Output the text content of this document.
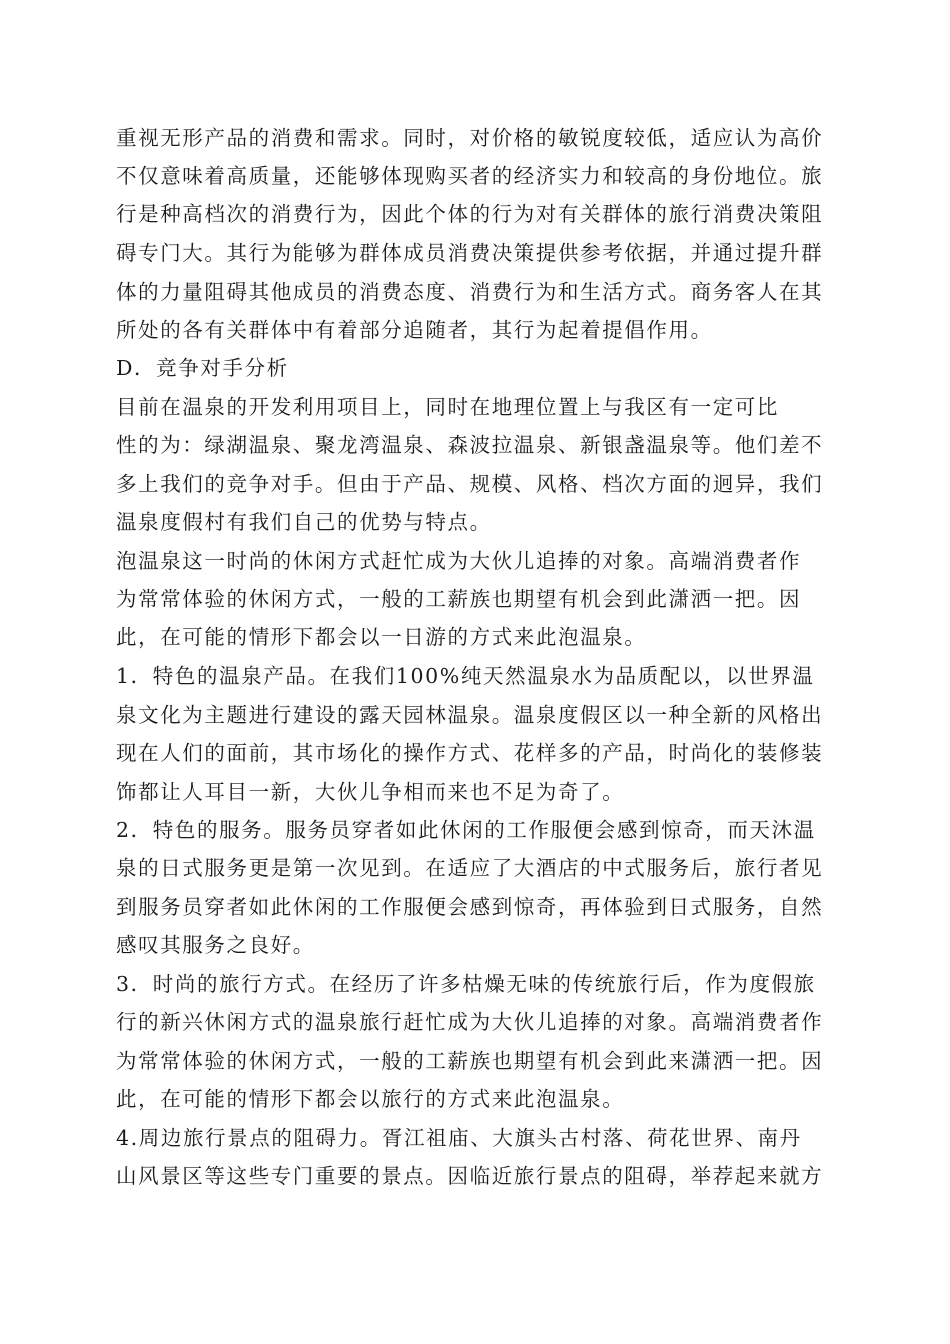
重视无形产品的消费和需求。同时，对价格的敏锐度较低，适应认为高价
不仅意味着高质量，还能够体现购买者的经济实力和较高的身份地位。旅
行是种高档次的消费行为，因此个体的行为对有关群体的旅行消费决策阻
碍专门大。其行为能够为群体成员消费决策提供参考依据，并通过提升群
体的力量阻碍其他成员的消费态度、消费行为和生活方式。商务客人在其
所处的各有关群体中有着部分追随者，其行为起着提倡作用。
D．竞争对手分析
目前在温泉的开发利用项目上，同时在地理位置上与我区有一定可比
性的为：绿湖温泉、聚龙湾温泉、森波拉温泉、新银盏温泉等。他们差不
多上我们的竞争对手。但由于产品、规模、风格、档次方面的迥异，我们
温泉度假村有我们自己的优势与特点。
泡温泉这一时尚的休闲方式赶忙成为大伙儿追捧的对象。高端消费者作
为常常体验的休闲方式，一般的工薪族也期望有机会到此潇洒一把。因
此，在可能的情形下都会以一日游的方式来此泡温泉。
1．特色的温泉产品。在我们100%纯天然温泉水为品质配以，以世界温
泉文化为主题进行建设的露天园林温泉。温泉度假区以一种全新的风格出
现在人们的面前，其市场化的操作方式、花样多的产品，时尚化的装修装
饰都让人耳目一新，大伙儿争相而来也不足为奇了。
2．特色的服务。服务员穿者如此休闲的工作服便会感到惊奇，而天沐温
泉的日式服务更是第一次见到。在适应了大酒店的中式服务后，旅行者见
到服务员穿者如此休闲的工作服便会感到惊奇，再体验到日式服务，自然
感叹其服务之良好。
3．时尚的旅行方式。在经历了许多枯燥无味的传统旅行后，作为度假旅
行的新兴休闲方式的温泉旅行赶忙成为大伙儿追捧的对象。高端消费者作
为常常体验的休闲方式，一般的工薪族也期望有机会到此来潇洒一把。因
此，在可能的情形下都会以旅行的方式来此泡温泉。
4.周边旅行景点的阻碍力。胥江祖庙、大旗头古村落、荷花世界、南丹
山风景区等这些专门重要的景点。因临近旅行景点的阻碍，举荐起来就方
